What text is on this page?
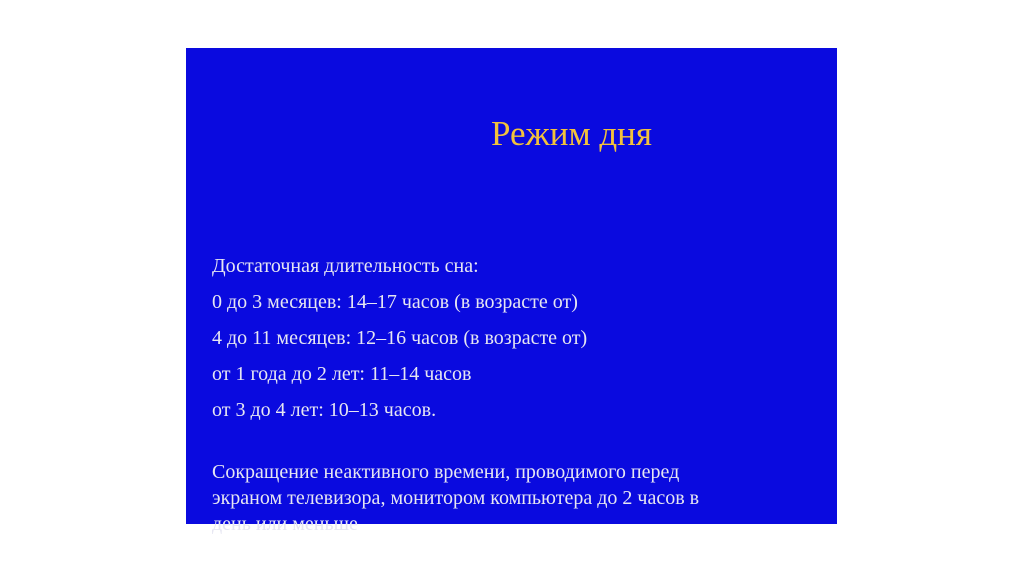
Режим дня
Достаточная длительность сна:
0 до 3 месяцев: 14–17 часов (в возрасте от)
4 до 11 месяцев: 12–16 часов (в возрасте от)
от 1 года до 2 лет: 11–14 часов
от 3 до 4 лет: 10–13 часов.
Сокращение неактивного времени, проводимого перед
экраном телевизора, монитором компьютера до 2 часов в
день или меньше
